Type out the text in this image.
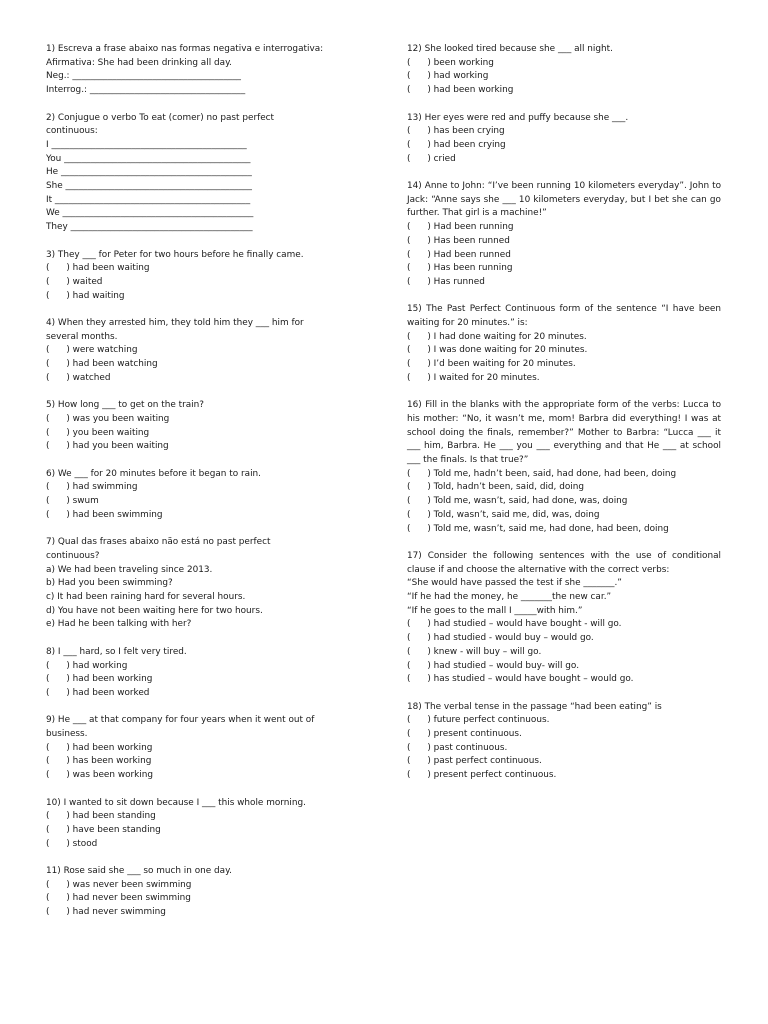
1) Escreva a frase abaixo nas formas negativa e interrogativa:
Afirmativa: She had been drinking all day.
Neg.: ______________________________________
Interrog.: ___________________________________
2) Conjugue o verbo To eat (comer) no past perfect
continuous:
I ____________________________________________
You __________________________________________
He ___________________________________________
She __________________________________________
It ____________________________________________
We ___________________________________________
They _________________________________________
3) They ___ for Peter for two hours before he finally came.
(      ) had been waiting
(      ) waited
(      ) had waiting
4) When they arrested him, they told him they ___ him for
several months.
(      ) were watching
(      ) had been watching
(      ) watched
5) How long ___ to get on the train?
(      ) was you been waiting
(      ) you been waiting
(      ) had you been waiting
6) We ___ for 20 minutes before it began to rain.
(      ) had swimming
(      ) swum
(      ) had been swimming
7) Qual das frases abaixo não está no past perfect
continuous?
a) We had been traveling since 2013.
b) Had you been swimming?
c) It had been raining hard for several hours.
d) You have not been waiting here for two hours.
e) Had he been talking with her?
8) I ___ hard, so I felt very tired.
(      ) had working
(      ) had been working
(      ) had been worked
9) He ___ at that company for four years when it went out of
business.
(      ) had been working
(      ) has been working
(      ) was been working
10) I wanted to sit down because I ___ this whole morning.
(      ) had been standing
(      ) have been standing
(      ) stood
11) Rose said she ___ so much in one day.
(      ) was never been swimming
(      ) had never been swimming
(      ) had never swimming
12) She looked tired because she ___ all night.
(      ) been working
(      ) had working
(      ) had been working
13) Her eyes were red and puffy because she ___.
(      ) has been crying
(      ) had been crying
(      ) cried
14) Anne to John: “I’ve been running 10 kilometers everyday”. John to Jack: “Anne says she ___ 10 kilometers everyday, but I bet she can go further. That girl is a machine!”
(      ) Had been running
(      ) Has been runned
(      ) Had been runned
(      ) Has been running
(      ) Has runned
15) The Past Perfect Continuous form of the sentence “I have been waiting for 20 minutes.” is:
(      ) I had done waiting for 20 minutes.
(      ) I was done waiting for 20 minutes.
(      ) I’d been waiting for 20 minutes.
(      ) I waited for 20 minutes.
16) Fill in the blanks with the appropriate form of the verbs: Lucca to his mother: “No, it wasn’t me, mom! Barbra did everything! I was at school doing the finals, remember?” Mother to Barbra: “Lucca ___ it ___ him, Barbra. He ___ you ___ everything and that He ___ at school ___ the finals. Is that true?”
(      ) Told me, hadn’t been, said, had done, had been, doing
(      ) Told, hadn’t been, said, did, doing
(      ) Told me, wasn’t, said, had done, was, doing
(      ) Told, wasn’t, said me, did, was, doing
(      ) Told me, wasn’t, said me, had done, had been, doing
17) Consider the following sentences with the use of conditional clause if and choose the alternative with the correct verbs:
“She would have passed the test if she _______.”
“If he had the money, he _______the new car.”
“If he goes to the mall I _____with him.”
(      ) had studied – would have bought - will go.
(      ) had studied - would buy – would go.
(      ) knew - will buy – will go.
(      ) had studied – would buy- will go.
(      ) has studied – would have bought – would go.
18) The verbal tense in the passage “had been eating” is
(      ) future perfect continuous.
(      ) present continuous.
(      ) past continuous.
(      ) past perfect continuous.
(      ) present perfect continuous.
